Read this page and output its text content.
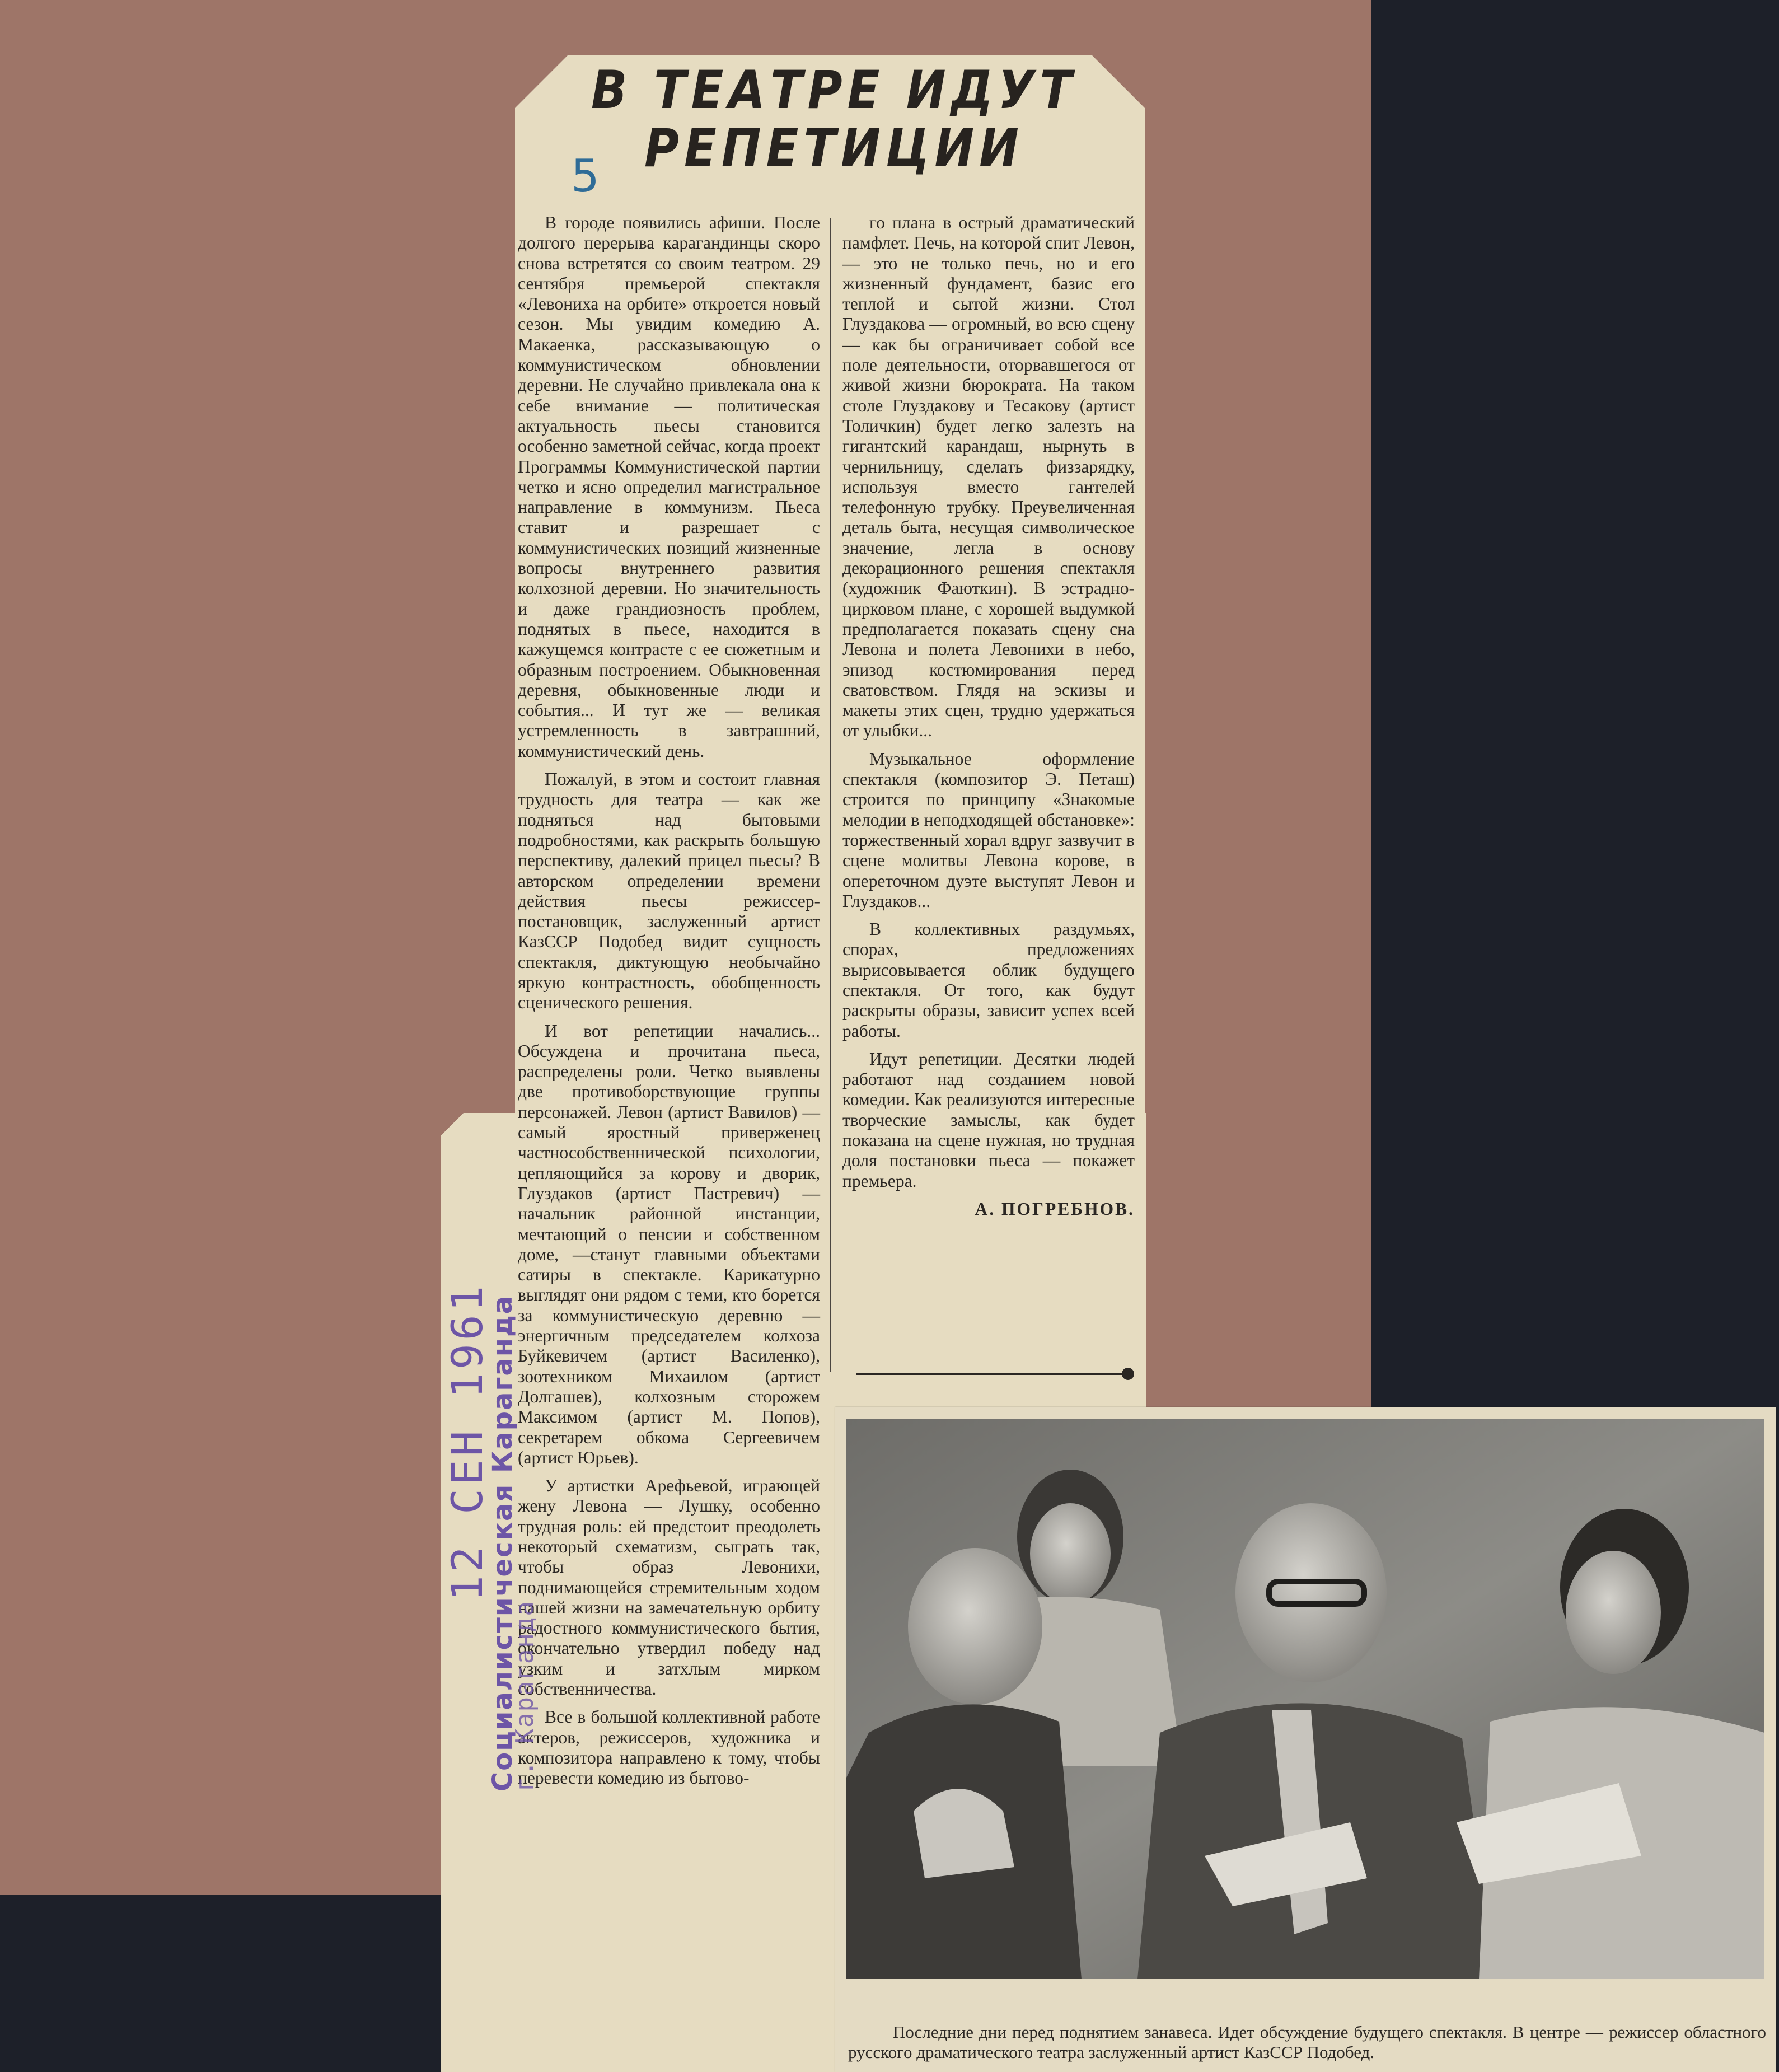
В ТЕАТРЕ ИДУТ
РЕПЕТИЦИИ
5

В городе появились афиши. После долгого перерыва карагандинцы скоро снова встретятся со своим театром. 29 сентября премьерой спектакля «Левониха на орбите» откроется новый сезон. Мы увидим комедию А. Макаенка, рассказывающую о коммунистическом обновлении деревни. Не случайно привлекала она к себе внимание — политическая актуальность пьесы становится особенно заметной сейчас, когда проект Программы Коммунистической партии четко и ясно определил магистральное направление в коммунизм. Пьеса ставит и разрешает с коммунистических позиций жизненные вопросы внутреннего развития колхозной деревни. Но значительность и даже грандиозность проблем, поднятых в пьесе, находится в кажущемся контрасте с ее сюжетным и образным построением. Обыкновенная деревня, обыкновенные люди и события... И тут же — великая устремленность в завтрашний, коммунистический день.

Пожалуй, в этом и состоит главная трудность для театра — как же подняться над бытовыми подробностями, как раскрыть большую перспективу, далекий прицел пьесы? В авторском определении времени действия пьесы режиссер-постановщик, заслуженный артист КазССР Подобед видит сущность спектакля, диктующую необычайно яркую контрастность, обобщенность сценического решения.

И вот репетиции начались... Обсуждена и прочитана пьеса, распределены роли. Четко выявлены две противоборствующие группы персонажей. Левон (артист Вавилов) — самый яростный приверженец частнособственнической психологии, цепляющийся за корову и дворик, Глуздаков (артист Пастревич) — начальник районной инстанции, мечтающий о пенсии и собственном доме, —станут главными объектами сатиры в спектакле. Карикатурно выглядят они рядом с теми, кто борется за коммунистическую деревню — энергичным председателем колхоза Буйкевичем (артист Василенко), зоотехником Михаилом (артист Долгашев), колхозным сторожем Максимом (артист М. Попов), секретарем обкома Сергеевичем (артист Юрьев).

У артистки Арефьевой, играющей жену Левона — Лушку, особенно трудная роль: ей предстоит преодолеть некоторый схематизм, сыграть так, чтобы образ Левонихи, поднимающейся стремительным ходом нашей жизни на замечательную орбиту радостного коммунистического бытия, окончательно утвердил победу над узким и затхлым мирком собственничества.

Все в большой коллективной работе актеров, режиссеров, художника и композитора направлено к тому, чтобы перевести комедию из бытово-

го плана в острый драматический памфлет. Печь, на которой спит Левон,— это не только печь, но и его жизненный фундамент, базис его теплой и сытой жизни. Стол Глуздакова — огромный, во всю сцену — как бы ограничивает собой все поле деятельности, оторвавшегося от живой жизни бюрократа. На таком столе Глуздакову и Тесакову (артист Толичкин) будет легко залезть на гигантский карандаш, нырнуть в чернильницу, сделать физзарядку, используя вместо гантелей телефонную трубку. Преувеличенная деталь быта, несущая символическое значение, легла в основу декорационного решения спектакля (художник Фаюткин). В эстрадно-цирковом плане, с хорошей выдумкой предполагается показать сцену сна Левона и полета Левонихи в небо, эпизод костюмирования перед сватовством. Глядя на эскизы и макеты этих сцен, трудно удержаться от улыбки...

Музыкальное оформление спектакля (композитор Э. Петаш) строится по принципу «Знакомые мелодии в неподходящей обстановке»: торжественный хорал вдруг зазвучит в сцене молитвы Левона корове, в опереточном дуэте выступят Левон и Глуздаков...

В коллективных раздумьях, спорах, предложениях вырисовывается облик будущего спектакля. От того, как будут раскрыты образы, зависит успех всей работы.

Идут репетиции. Десятки людей работают над созданием новой комедии. Как реализуются интересные творческие замыслы, как будет показана на сцене нужная, но трудная доля постановки пьеса — покажет премьера.

А. ПОГРЕБНОВ.

12 СЕН 1961
Социалистическая Караганда
г. Караганда
Последние дни перед поднятием занавеса. Идет обсуждение будущего спектакля. В центре — режиссер областного русского драматического театра заслуженный артист КазССР Подобед.
